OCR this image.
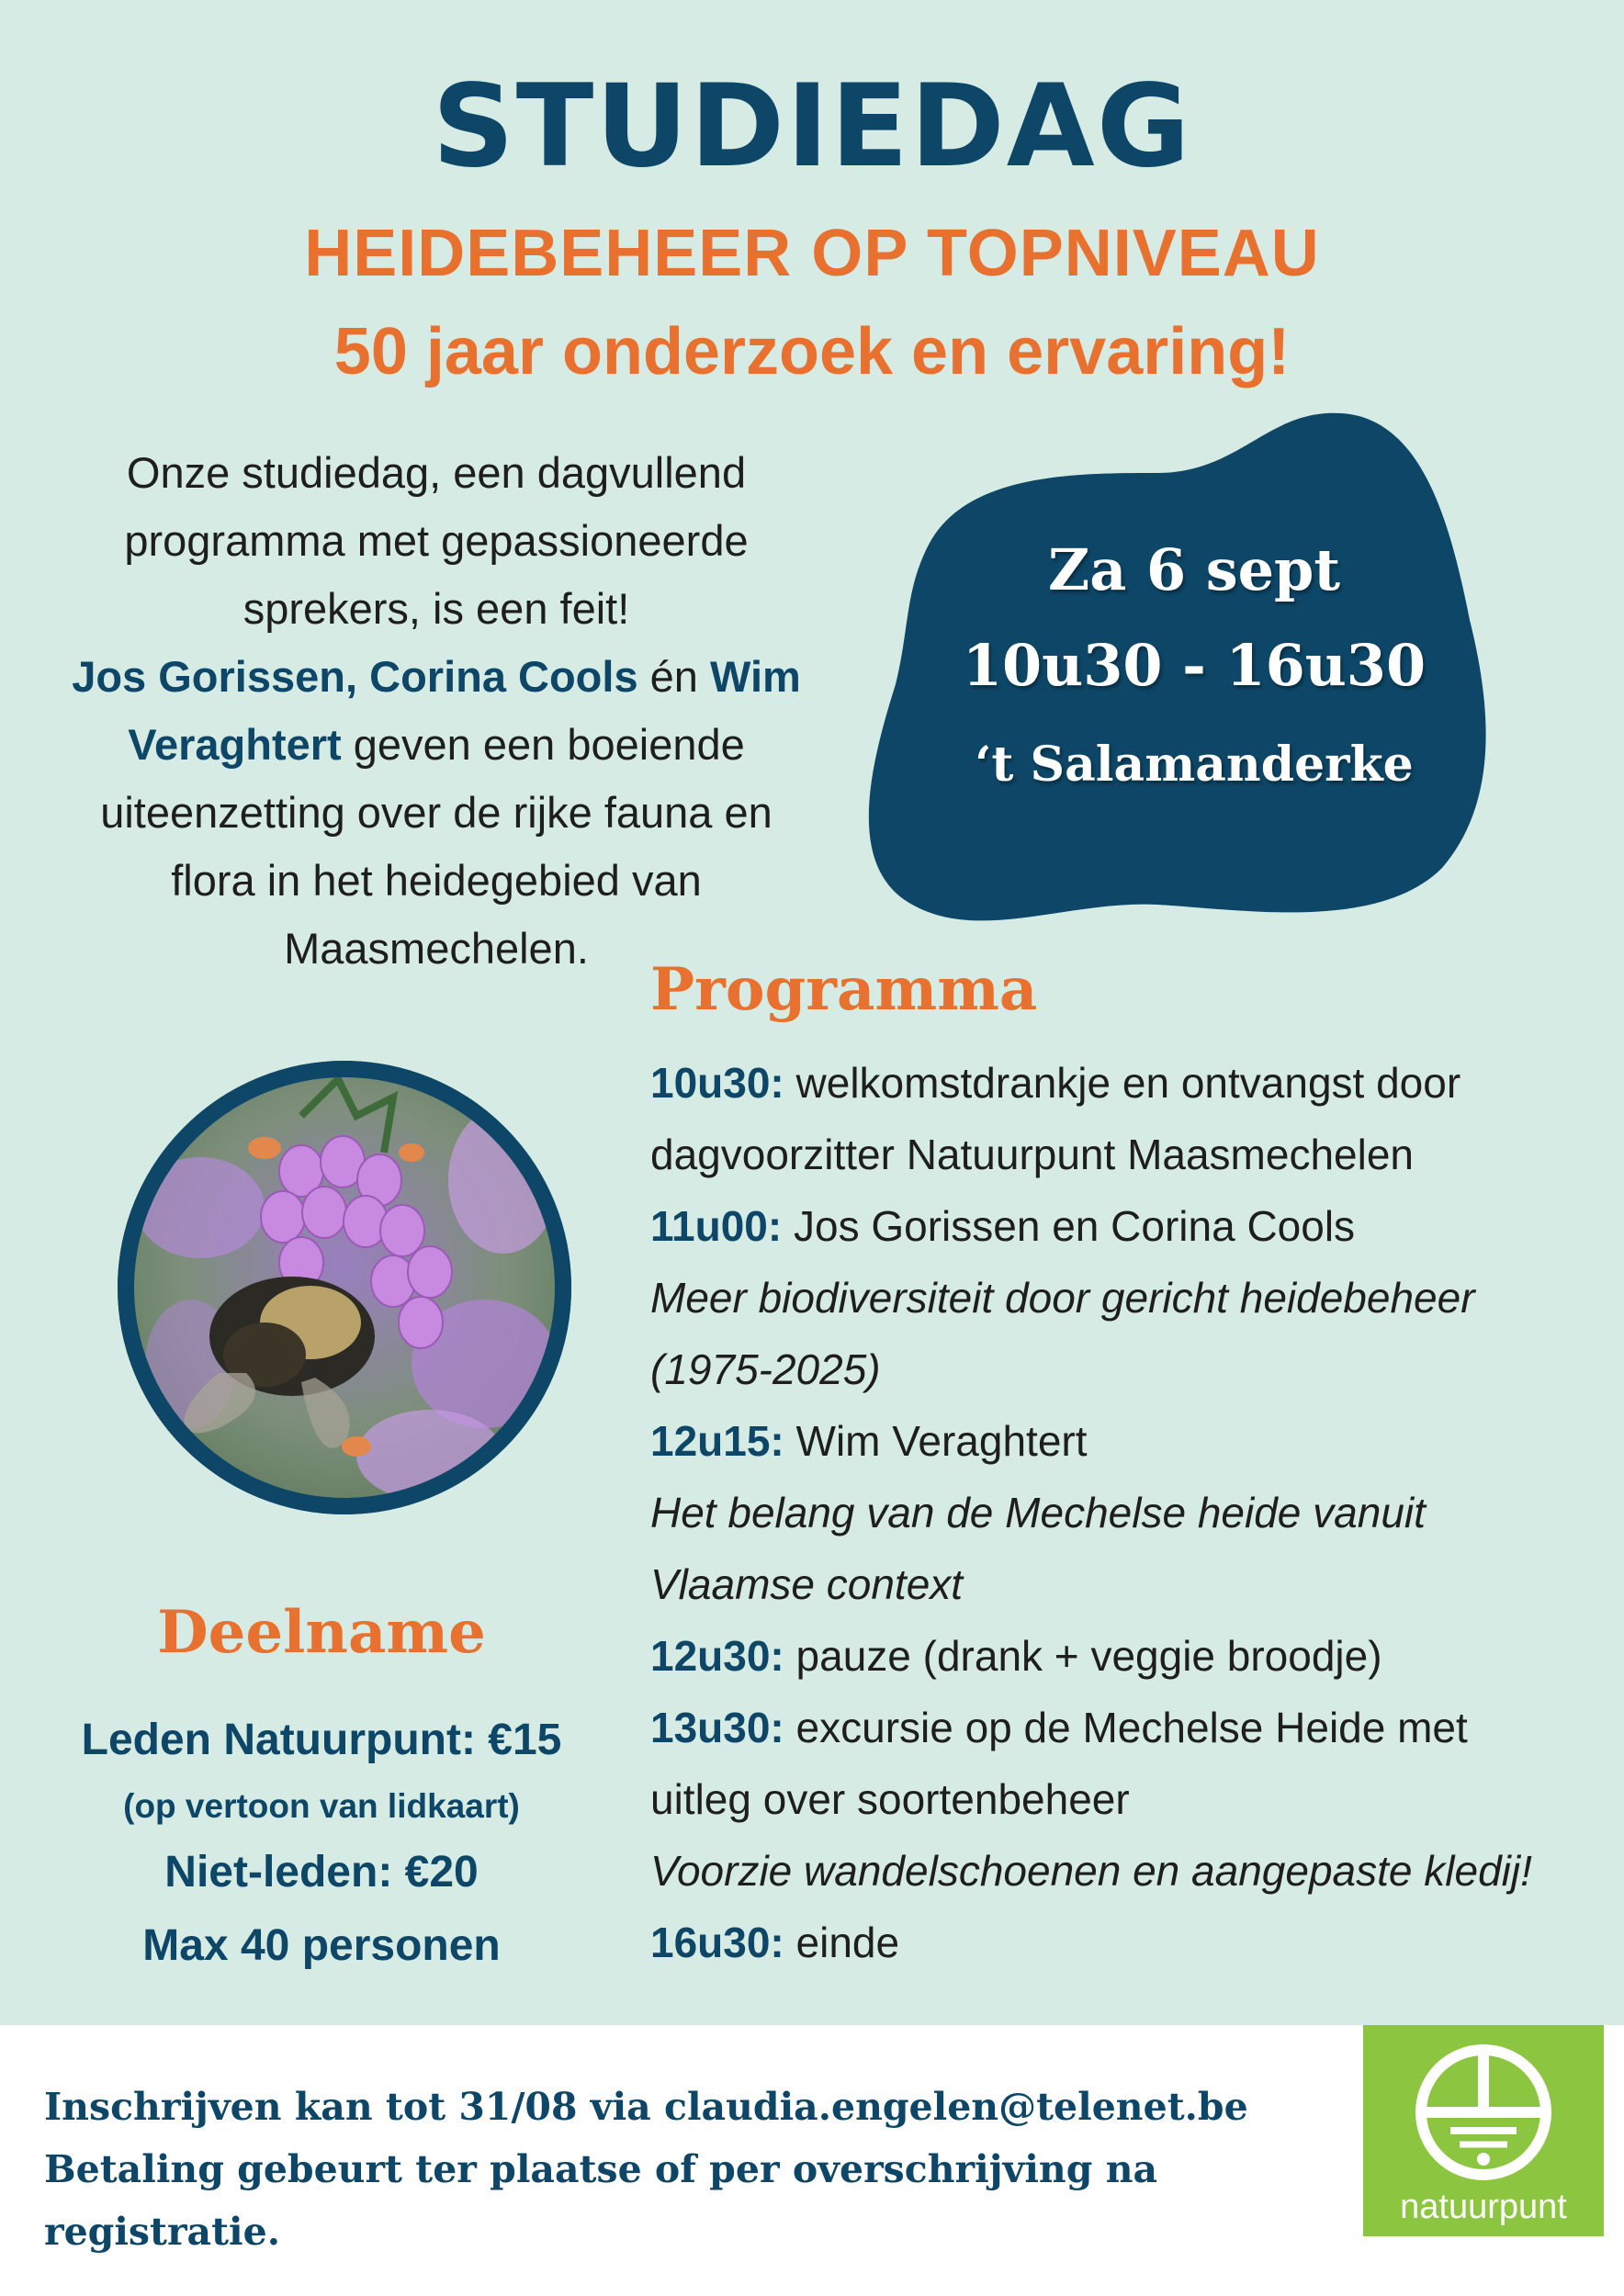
STUDIEDAG
HEIDEBEHEER OP TOPNIVEAU
50 jaar onderzoek en ervaring!
Onze studiedag, een dagvullend
programma met gepassioneerde
sprekers, is een feit!
Jos Gorissen, Corina Cools én Wim
Veraghtert geven een boeiende
uiteenzetting over de rijke fauna en
flora in het heidegebied van
Maasmechelen.
Za 6 sept
10u30 - 16u30
‘t Salamanderke
Programma
10u30: welkomstdrankje en ontvangst door
dagvoorzitter Natuurpunt Maasmechelen
11u00: Jos Gorissen en Corina Cools
Meer biodiversiteit door gericht heidebeheer
(1975-2025)
12u15: Wim Veraghtert
Het belang van de Mechelse heide vanuit
Vlaamse context
12u30: pauze (drank + veggie broodje)
13u30: excursie op de Mechelse Heide met
uitleg over soortenbeheer
Voorzie wandelschoenen en aangepaste kledij!
16u30: einde
Deelname
Leden Natuurpunt: €15
(op vertoon van lidkaart)
Niet-leden: €20
Max 40 personen
Inschrijven kan tot 31/08 via claudia.engelen@telenet.be
Betaling gebeurt ter plaatse of per overschrijving na registratie.
natuurpunt
